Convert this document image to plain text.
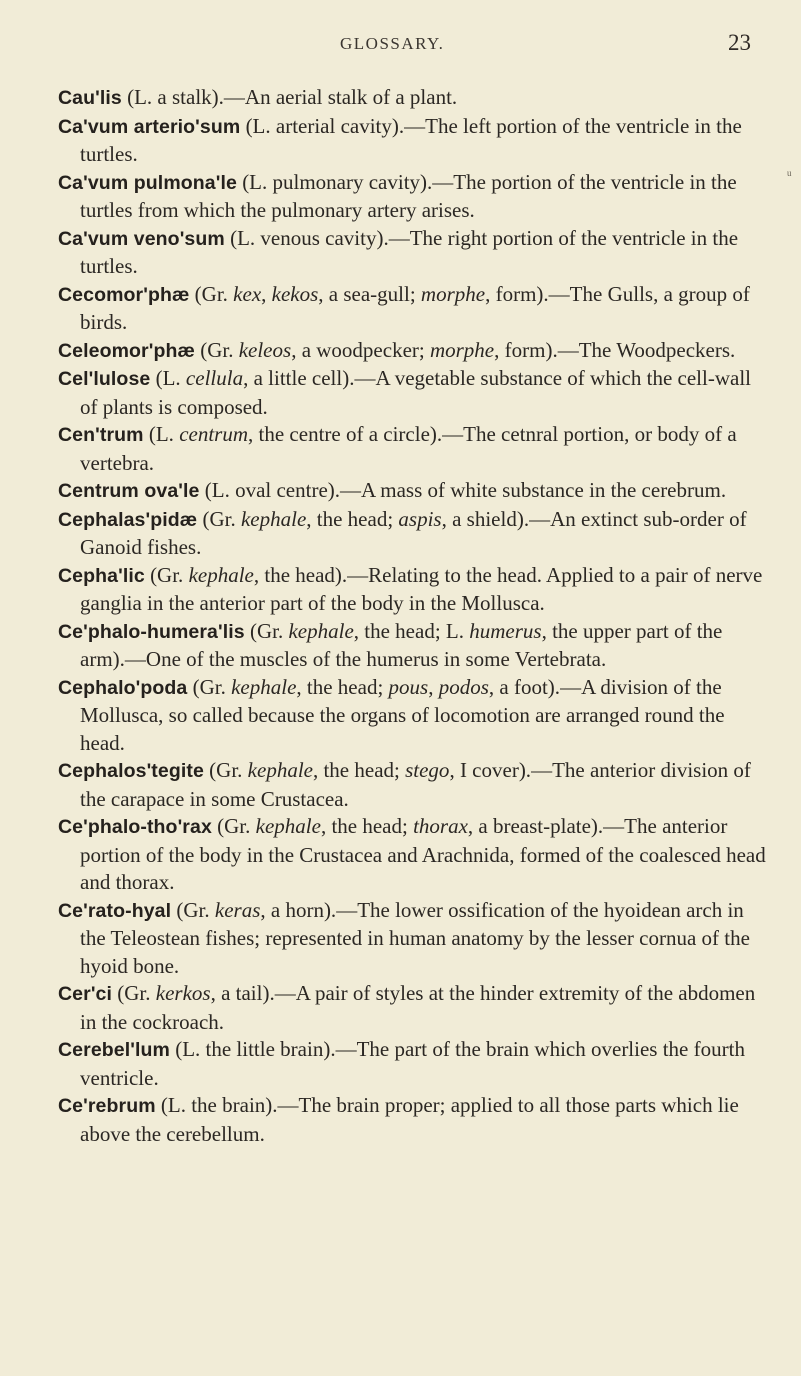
GLOSSARY.	23
u

Cau'lis (L. a stalk).—An aerial stalk of a plant.

Ca'vum arterio'sum (L. arterial cavity).—The left portion of the ventricle in the turtles.

Ca'vum pulmona'le (L. pulmonary cavity).—The portion of the ventricle in the turtles from which the pulmonary artery arises.

Ca'vum veno'sum (L. venous cavity).—The right portion of the ventricle in the turtles.

Cecomor'phæ (Gr. kex, kekos, a sea-gull; morphe, form).—The Gulls, a group of birds.

Celeomor'phæ (Gr. keleos, a woodpecker; morphe, form).—The Woodpeckers.

Cel'lulose (L. cellula, a little cell).—A vegetable substance of which the cell-wall of plants is composed.

Cen'trum (L. centrum, the centre of a circle).—The cetnral portion, or body of a vertebra.

Centrum ova'le (L. oval centre).—A mass of white substance in the cerebrum.

Cephalas'pidæ (Gr. kephale, the head; aspis, a shield).—An extinct sub-order of Ganoid fishes.

Cepha'lic (Gr. kephale, the head).—Relating to the head. Applied to a pair of nerve ganglia in the anterior part of the body in the Mollusca.

Ce'phalo-humera'lis (Gr. kephale, the head; L. humerus, the upper part of the arm).—One of the muscles of the humerus in some Vertebrata.

Cephalo'poda (Gr. kephale, the head; pous, podos, a foot).—A division of the Mollusca, so called because the organs of locomotion are arranged round the head.

Cephalos'tegite (Gr. kephale, the head; stego, I cover).—The anterior division of the carapace in some Crustacea.

Ce'phalo-tho'rax (Gr. kephale, the head; thorax, a breast-plate).—The anterior portion of the body in the Crustacea and Arachnida, formed of the coalesced head and thorax.

Ce'rato-hyal (Gr. keras, a horn).—The lower ossification of the hyoidean arch in the Teleostean fishes; represented in human anatomy by the lesser cornua of the hyoid bone.

Cer'ci (Gr. kerkos, a tail).—A pair of styles at the hinder extremity of the abdomen in the cockroach.

Cerebel'lum (L. the little brain).—The part of the brain which overlies the fourth ventricle.

Ce'rebrum (L. the brain).—The brain proper; applied to all those parts which lie above the cerebellum.
